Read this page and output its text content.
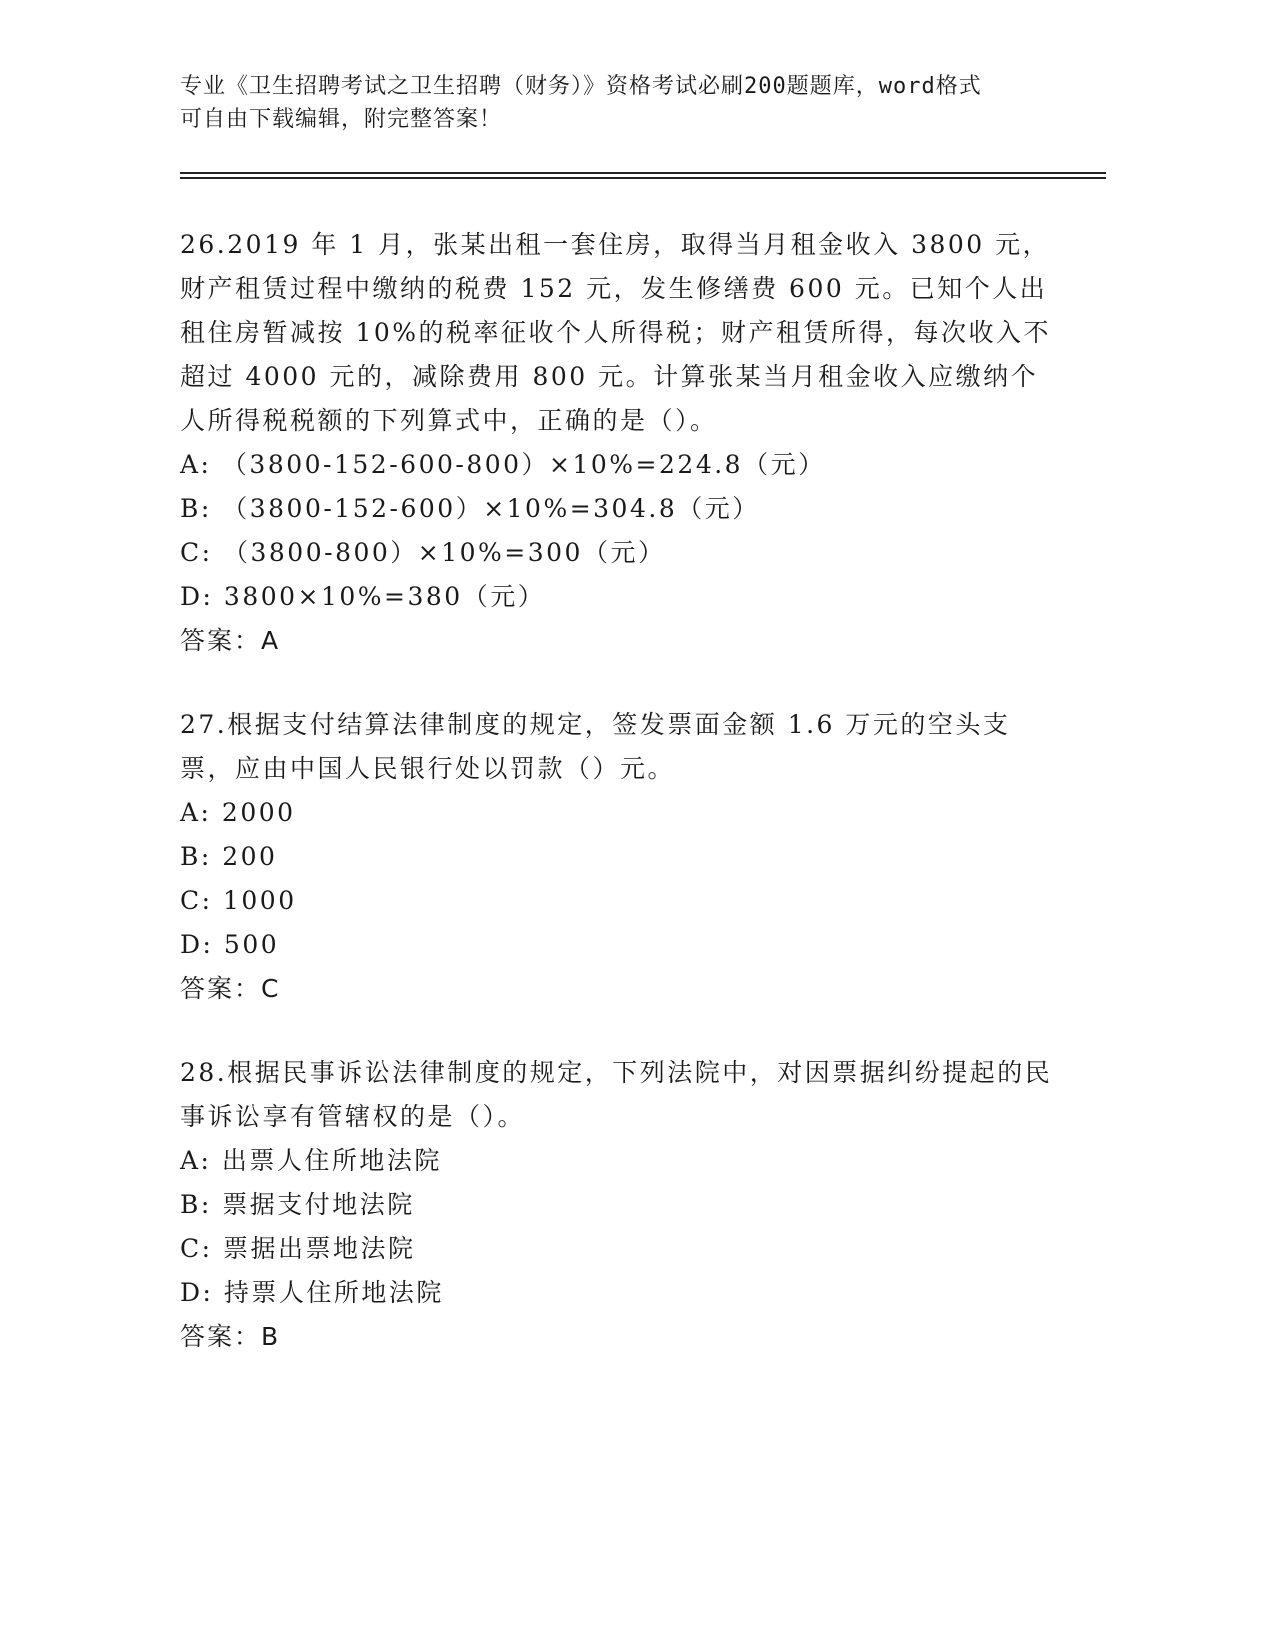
专业《卫生招聘考试之卫生招聘（财务）》资格考试必刷200题题库，word格式
可自由下载编辑，附完整答案！
26.2019 年 1 月，张某出租一套住房，取得当月租金收入 3800 元，财产租赁过程中缴纳的税费 152 元，发生修缮费 600 元。已知个人出租住房暂减按 10%的税率征收个人所得税；财产租赁所得，每次收入不超过 4000 元的，减除费用 800 元。计算张某当月租金收入应缴纳个人所得税税额的下列算式中，正确的是（）。
A: （3800-152-600-800）×10%=224.8（元）
B: （3800-152-600）×10%=304.8（元）
C: （3800-800）×10%=300（元）
D: 3800×10%=380（元）
答案：A
27.根据支付结算法律制度的规定，签发票面金额 1.6 万元的空头支票，应由中国人民银行处以罚款（）元。
A: 2000
B: 200
C: 1000
D: 500
答案：C
28.根据民事诉讼法律制度的规定，下列法院中，对因票据纠纷提起的民事诉讼享有管辖权的是（）。
A: 出票人住所地法院
B: 票据支付地法院
C: 票据出票地法院
D: 持票人住所地法院
答案：B
